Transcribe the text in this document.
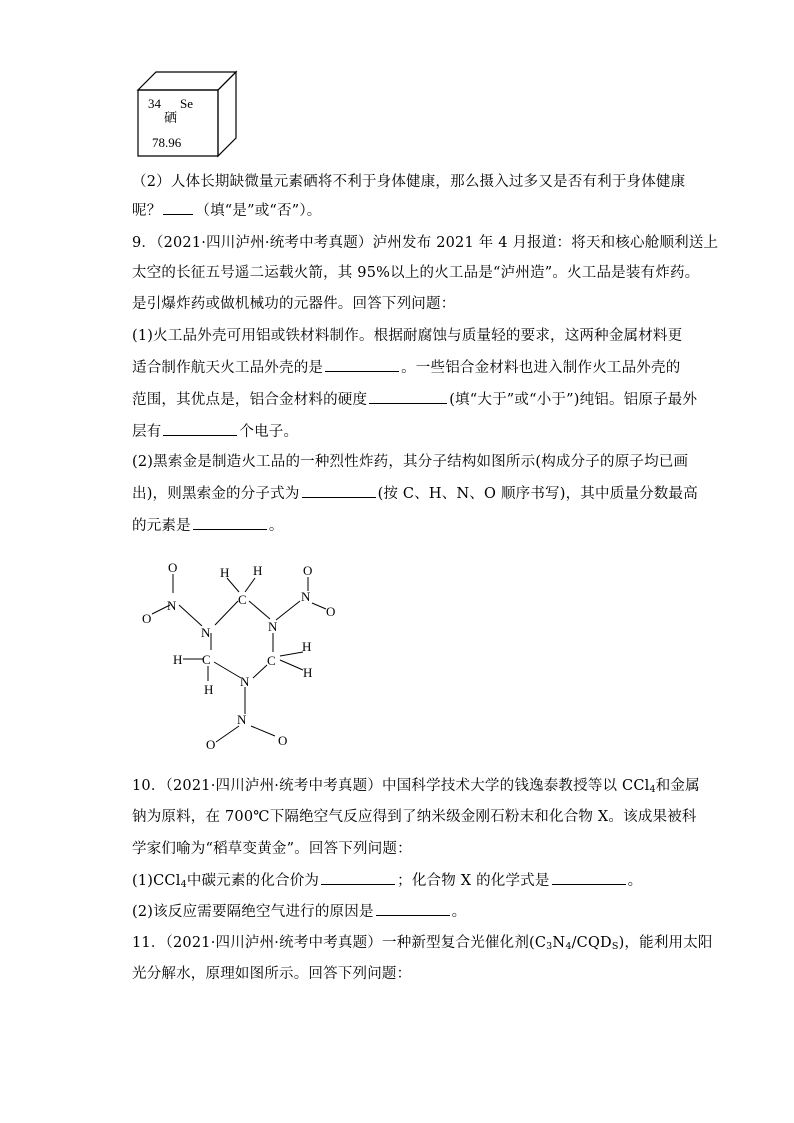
34 Se
硒
78.96
（2）人体长期缺微量元素硒将不利于身体健康，那么摄入过多又是否有利于身体健康
呢？ （填“是”或“否”）。
9．（2021·四川泸州·统考中考真题）泸州发布 2021 年 4 月报道：将天和核心舱顺利送上
太空的长征五号遥二运载火箭，其 95%以上的火工品是“泸州造”。火工品是装有炸药。
是引爆炸药或做机械功的元器件。回答下列问题：
(1)火工品外壳可用铝或铁材料制作。根据耐腐蚀与质量轻的要求，这两种金属材料更
适合制作航天火工品外壳的是	。一些铝合金材料也进入制作火工品外壳的
范围，其优点是，铝合金材料的硬度	(填“大于”或“小于”)纯铝。铝原子最外
层有	个电子。
(2)黑索金是制造火工品的一种烈性炸药，其分子结构如图所示(构成分子的原子均已画
出)，则黑索金的分子式为	(按 C、H、N、O 顺序书写)，其中质量分数最高
的元素是	。
N	N
N
N
N
N
C
C
C
H H
H
H
H
H
O
O
O
O
O	O
10．（2021·四川泸州·统考中考真题）中国科学技术大学的钱逸泰教授等以 CCl$_4$和金属
钠为原料，在 700℃下隔绝空气反应得到了纳米级金刚石粉末和化合物 X。该成果被科
学家们喻为“稻草变黄金”。回答下列问题：
(1)CCl$_4$中碳元素的化合价为	；化合物 X 的化学式是	。
(2)该反应需要隔绝空气进行的原因是	。
11．（2021·四川泸州·统考中考真题）一种新型复合光催化剂$(C_3N_4/CQD_S)$，能利用太阳
光分解水，原理如图所示。回答下列问题：
